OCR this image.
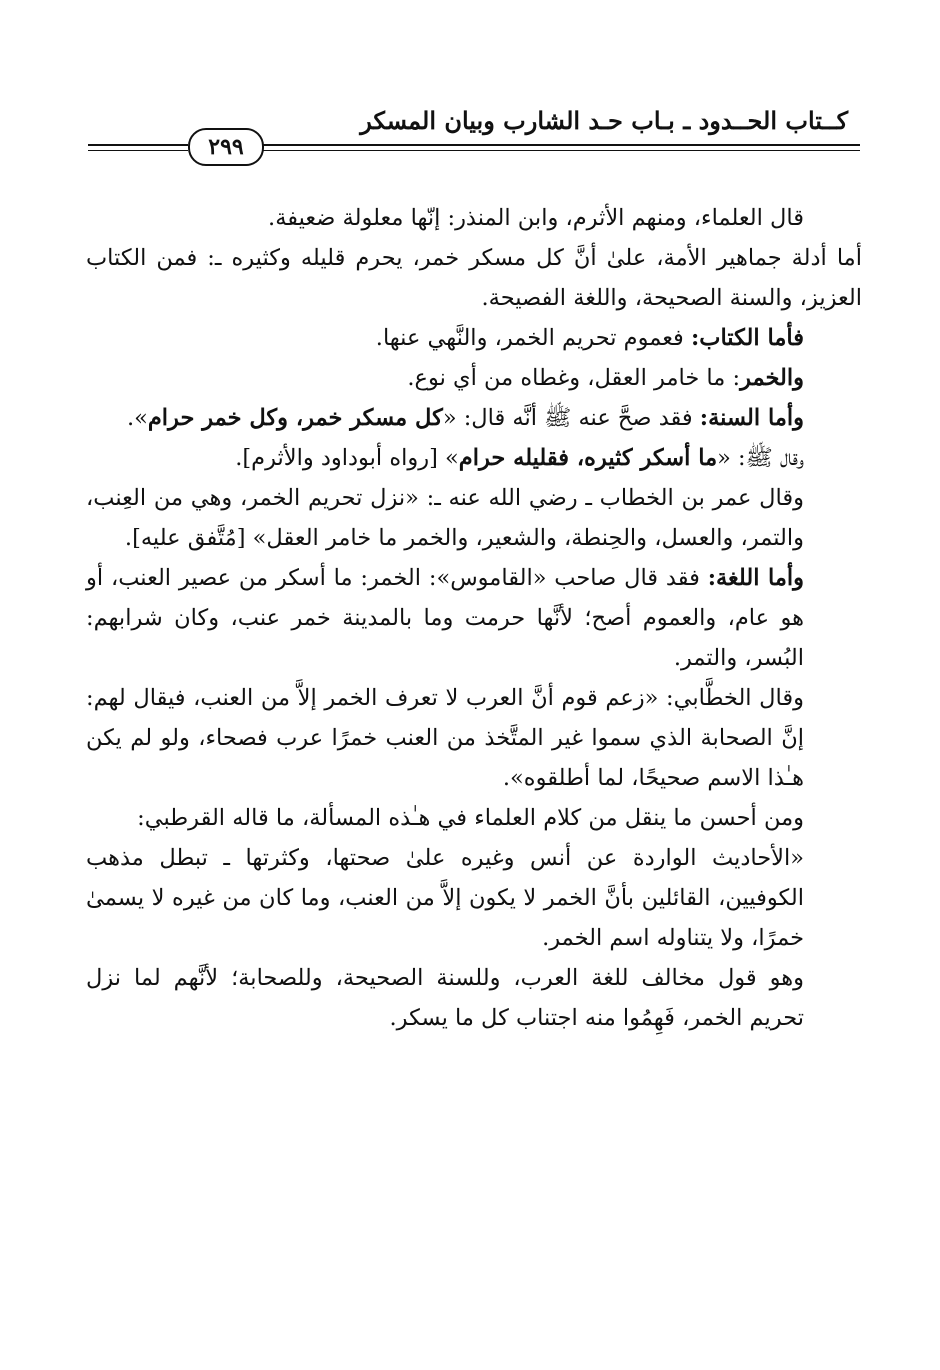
كــتاب الحــدود ـ بـاب حـد الشارب وبيان المسكر
٢٩٩

قال العلماء، ومنهم الأثرم، وابن المنذر: إنّها معلولة ضعيفة.

أما أدلة جماهير الأمة، علىٰ أنَّ كل مسكر خمر، يحرم قليله وكثيره ـ: فمن الكتاب العزيز، والسنة الصحيحة، واللغة الفصيحة.

فأما الكتاب: فعموم تحريم الخمر، والنَّهي عنها.

والخمر: ما خامر العقل، وغطاه من أي نوع.

وأما السنة: فقد صحَّ عنه ﷺ أنَّه قال: «كل مسكر خمر، وكل خمر حرام».

وقال ﷺ: «ما أسكر كثيره، فقليله حرام» [رواه أبوداود والأثرم].

وقال عمر بن الخطاب ـ رضي الله عنه ـ: «نزل تحريم الخمر، وهي من العِنب، والتمر، والعسل، والحِنطة، والشعير، والخمر ما خامر العقل» [مُتَّفق عليه].

وأما اللغة: فقد قال صاحب «القاموس»: الخمر: ما أسكر من عصير العنب، أو هو عام، والعموم أصح؛ لأنَّها حرمت وما بالمدينة خمر عنب، وكان شرابهم: البُسر، والتمر.

وقال الخطَّابي: «زعم قوم أنَّ العرب لا تعرف الخمر إلاَّ من العنب، فيقال لهم: إنَّ الصحابة الذي سموا غير المتَّخذ من العنب خمرًا عرب فصحاء، ولو لم يكن هـٰذا الاسم صحيحًا، لما أطلقوه».

ومن أحسن ما ينقل من كلام العلماء في هـٰذه المسألة، ما قاله القرطبي:

«الأحاديث الواردة عن أنس وغيره علىٰ صحتها، وكثرتها ـ تبطل مذهب الكوفيين، القائلين بأنَّ الخمر لا يكون إلاَّ من العنب، وما كان من غيره لا يسمىٰ خمرًا، ولا يتناوله اسم الخمر.

وهو قول مخالف للغة العرب، وللسنة الصحيحة، وللصحابة؛ لأنَّهم لما نزل تحريم الخمر، فَهِمُوا منه اجتناب كل ما يسكر.
